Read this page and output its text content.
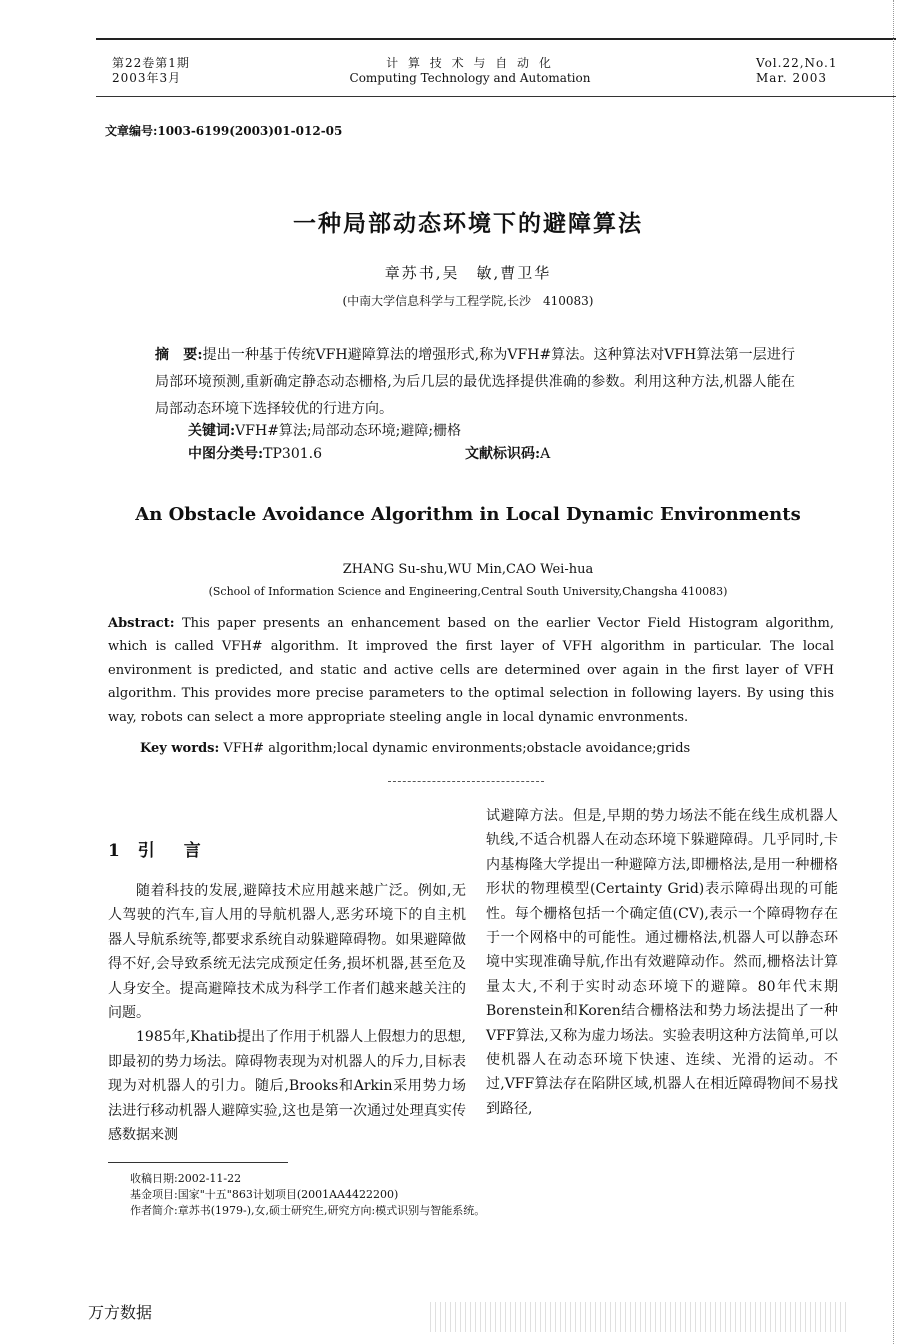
第22卷第1期
2003年3月
计 算 技 术 与 自 动 化
Computing Technology and Automation
Vol.22,No.1
Mar. 2003
文章编号:1003-6199(2003)01-012-05
一种局部动态环境下的避障算法
章苏书,吴　敏,曹卫华
(中南大学信息科学与工程学院,长沙　410083)
摘　要:提出一种基于传统VFH避障算法的增强形式,称为VFH#算法。这种算法对VFH算法第一层进行局部环境预测,重新确定静态动态栅格,为后几层的最优选择提供准确的参数。利用这种方法,机器人能在局部动态环境下选择较优的行进方向。
关键词:VFH#算法;局部动态环境;避障;栅格
中图分类号:TP301.6	文献标识码:A
An Obstacle Avoidance Algorithm in Local Dynamic Environments
ZHANG Su-shu,WU Min,CAO Wei-hua
(School of Information Science and Engineering,Central South University,Changsha 410083)
Abstract: This paper presents an enhancement based on the earlier Vector Field Histogram algorithm, which is called VFH# algorithm. It improved the first layer of VFH algorithm in particular. The local environment is predicted, and static and active cells are determined over again in the first layer of VFH algorithm. This provides more precise parameters to the optimal selection in following layers. By using this way, robots can select a more appropriate steeling angle in local dynamic envronments.
Key words: VFH# algorithm;local dynamic environments;obstacle avoidance;grids
1 引　言

随着科技的发展,避障技术应用越来越广泛。例如,无人驾驶的汽车,盲人用的导航机器人,恶劣环境下的自主机器人导航系统等,都要求系统自动躲避障碍物。如果避障做得不好,会导致系统无法完成预定任务,损坏机器,甚至危及人身安全。提高避障技术成为科学工作者们越来越关注的问题。

1985年,Khatib提出了作用于机器人上假想力的思想,即最初的势力场法。障碍物表现为对机器人的斥力,目标表现为对机器人的引力。随后,Brooks和Arkin采用势力场法进行移动机器人避障实验,这也是第一次通过处理真实传感数据来测

试避障方法。但是,早期的势力场法不能在线生成机器人轨线,不适合机器人在动态环境下躲避障碍。几乎同时,卡内基梅隆大学提出一种避障方法,即栅格法,是用一种栅格形状的物理模型(Certainty Grid)表示障碍出现的可能性。每个栅格包括一个确定值(CV),表示一个障碍物存在于一个网格中的可能性。通过栅格法,机器人可以静态环境中实现准确导航,作出有效避障动作。然而,栅格法计算量太大,不利于实时动态环境下的避障。80年代末期Borenstein和Koren结合栅格法和势力场法提出了一种VFF算法,又称为虚力场法。实验表明这种方法简单,可以使机器人在动态环境下快速、连续、光滑的运动。不过,VFF算法存在陷阱区域,机器人在相近障碍物间不易找到路径,

收稿日期:2002-11-22
基金项目:国家"十五"863计划项目(2001AA4422200)
作者简介:章苏书(1979-),女,硕士研究生,研究方向:模式识别与智能系统。
万方数据
